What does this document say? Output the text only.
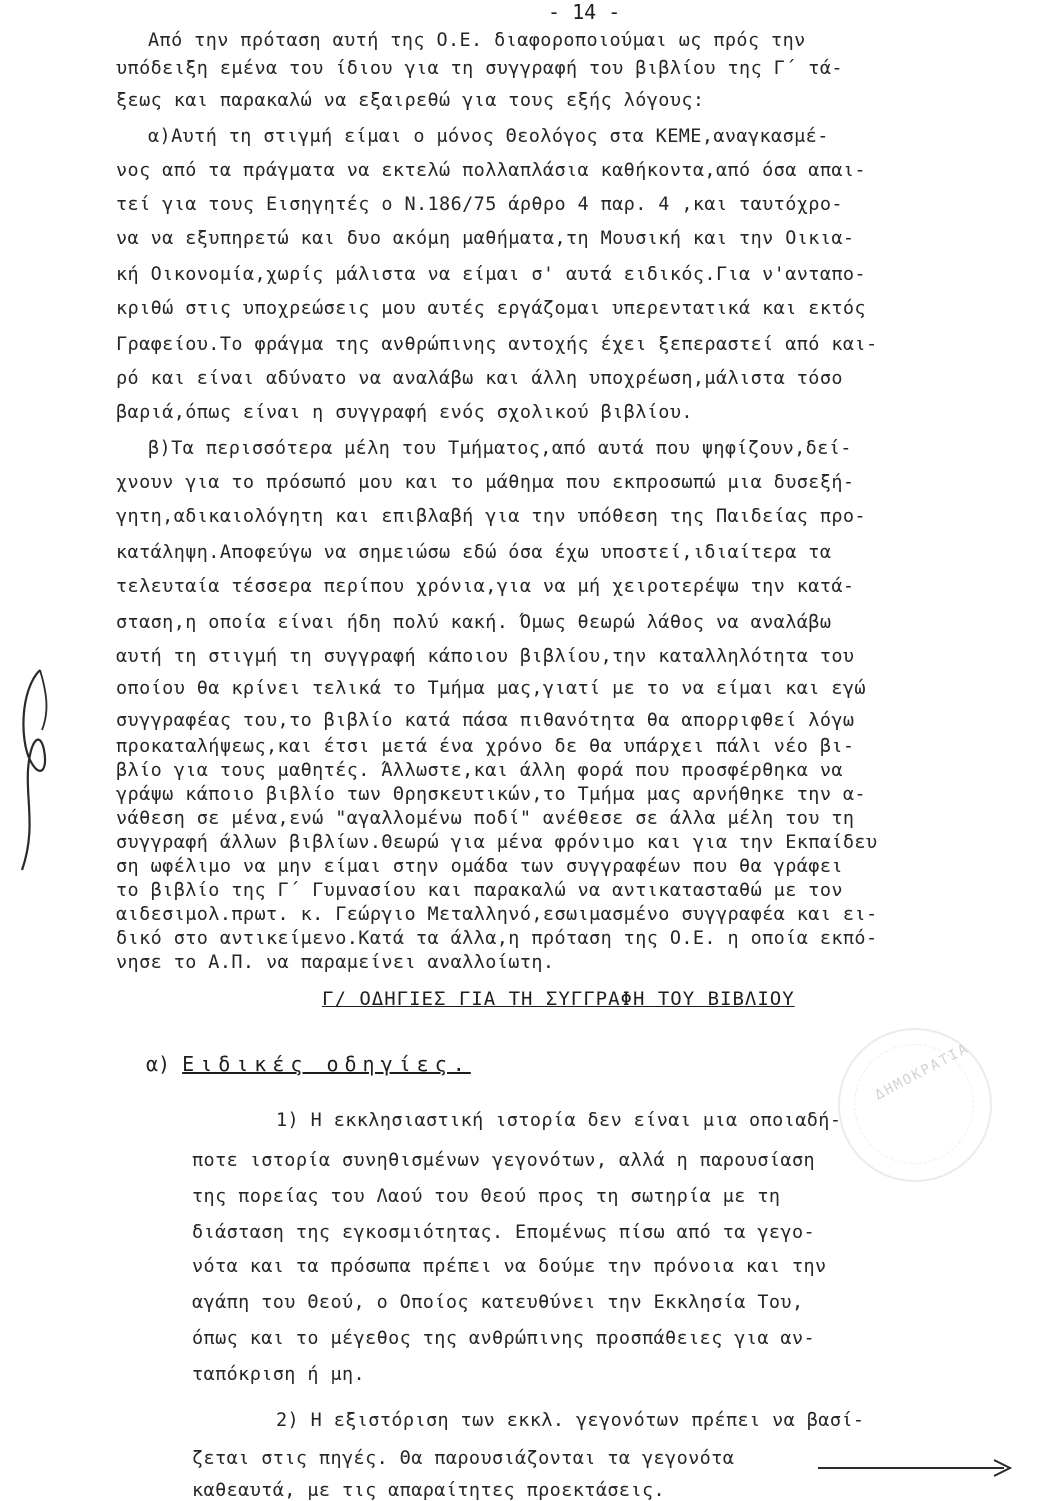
- 14 -
Από την πρόταση αυτή της Ο.Ε. διαφοροποιούμαι ως πρός την
υπόδειξη εμένα του ίδιου για τη συγγραφή του βιβλίου της Γ΄ τά-
ξεως και παρακαλώ να εξαιρεθώ για τους εξής λόγους:
α)Αυτή τη στιγμή είμαι ο μόνος Θεολόγος στα ΚΕΜΕ,αναγκασμέ-
νος από τα πράγματα να εκτελώ πολλαπλάσια καθήκοντα,από όσα απαι-
τεί για τους Εισηγητές ο Ν.186/75 άρθρο 4 παρ. 4 ,και ταυτόχρο-
να να εξυπηρετώ και δυο ακόμη μαθήματα,τη Μουσική και την Οικια-
κή Οικονομία,χωρίς μάλιστα να είμαι σ' αυτά ειδικός.Για ν'ανταπο-
κριθώ στις υποχρεώσεις μου αυτές εργάζομαι υπερεντατικά και εκτός
Γραφείου.Το φράγμα της ανθρώπινης αντοχής έχει ξεπεραστεί από και-
ρό και είναι αδύνατο να αναλάβω και άλλη υποχρέωση,μάλιστα τόσο
βαριά,όπως είναι η συγγραφή ενός σχολικού βιβλίου.
β)Τα περισσότερα μέλη του Τμήματος,από αυτά που ψηφίζουν,δεί-
χνουν για το πρόσωπό μου και το μάθημα που εκπροσωπώ μια δυσεξή-
γητη,αδικαιολόγητη και επιβλαβή για την υπόθεση της Παιδείας προ-
κατάληψη.Αποφεύγω να σημειώσω εδώ όσα έχω υποστεί,ιδιαίτερα τα
τελευταία τέσσερα περίπου χρόνια,για να μή χειροτερέψω την κατά-
σταση,η οποία είναι ήδη πολύ κακή. Όμως θεωρώ λάθος να αναλάβω
αυτή τη στιγμή τη συγγραφή κάποιου βιβλίου,την καταλληλότητα του
οποίου θα κρίνει τελικά το Τμήμα μας,γιατί με το να είμαι και εγώ
συγγραφέας του,το βιβλίο κατά πάσα πιθανότητα θα απορριφθεί λόγω
προκαταλήψεως,και έτσι μετά ένα χρόνο δε θα υπάρχει πάλι νέο βι-
βλίο για τους μαθητές. Άλλωστε,και άλλη φορά που προσφέρθηκα να
γράψω κάποιο βιβλίο των Θρησκευτικών,το Τμήμα μας αρνήθηκε την α-
νάθεση σε μένα,ενώ "αγαλλομένω ποδί" ανέθεσε σε άλλα μέλη του τη
συγγραφή άλλων βιβλίων.Θεωρώ για μένα φρόνιμο και για την Εκπαίδευ
ση ωφέλιμο να μην είμαι στην ομάδα των συγγραφέων που θα γράφει
το βιβλίο της Γ΄ Γυμνασίου και παρακαλώ να αντικατασταθώ με τον
αιδεσιμολ.πρωτ. κ. Γεώργιο Μεταλληνό,εσωιμασμένο συγγραφέα και ει-
δικό στο αντικείμενο.Κατά τα άλλα,η πρόταση της Ο.Ε. η οποία εκπό-
νησε το Α.Π. να παραμείνει αναλλοίωτη.
Γ/ ΟΔΗΓΙΕΣ ΓΙΑ ΤΗ ΣΥΓΓΡΑΦΗ ΤΟΥ ΒΙΒΛΙΟΥ
α) Ειδικές οδηγίες.
1) Η εκκλησιαστική ιστορία δεν είναι μια οποιαδή-
ποτε ιστορία συνηθισμένων γεγονότων, αλλά η παρουσίαση
της πορείας του Λαού του Θεού προς τη σωτηρία με τη
διάσταση της εγκοσμιότητας. Επομένως πίσω από τα γεγο-
νότα και τα πρόσωπα πρέπει να δούμε την πρόνοια και την
αγάπη του Θεού, ο Οποίος κατευθύνει την Εκκλησία Του,
όπως και το μέγεθος της ανθρώπινης προσπάθειες για αν-
ταπόκριση ή μη.
2) Η εξιστόριση των εκκλ. γεγονότων πρέπει να βασί-
ζεται στις πηγές. Θα παρουσιάζονται τα γεγονότα
καθεαυτά, με τις απαραίτητες προεκτάσεις.
ΔΗΜΟΚΡΑΤΙΑ
